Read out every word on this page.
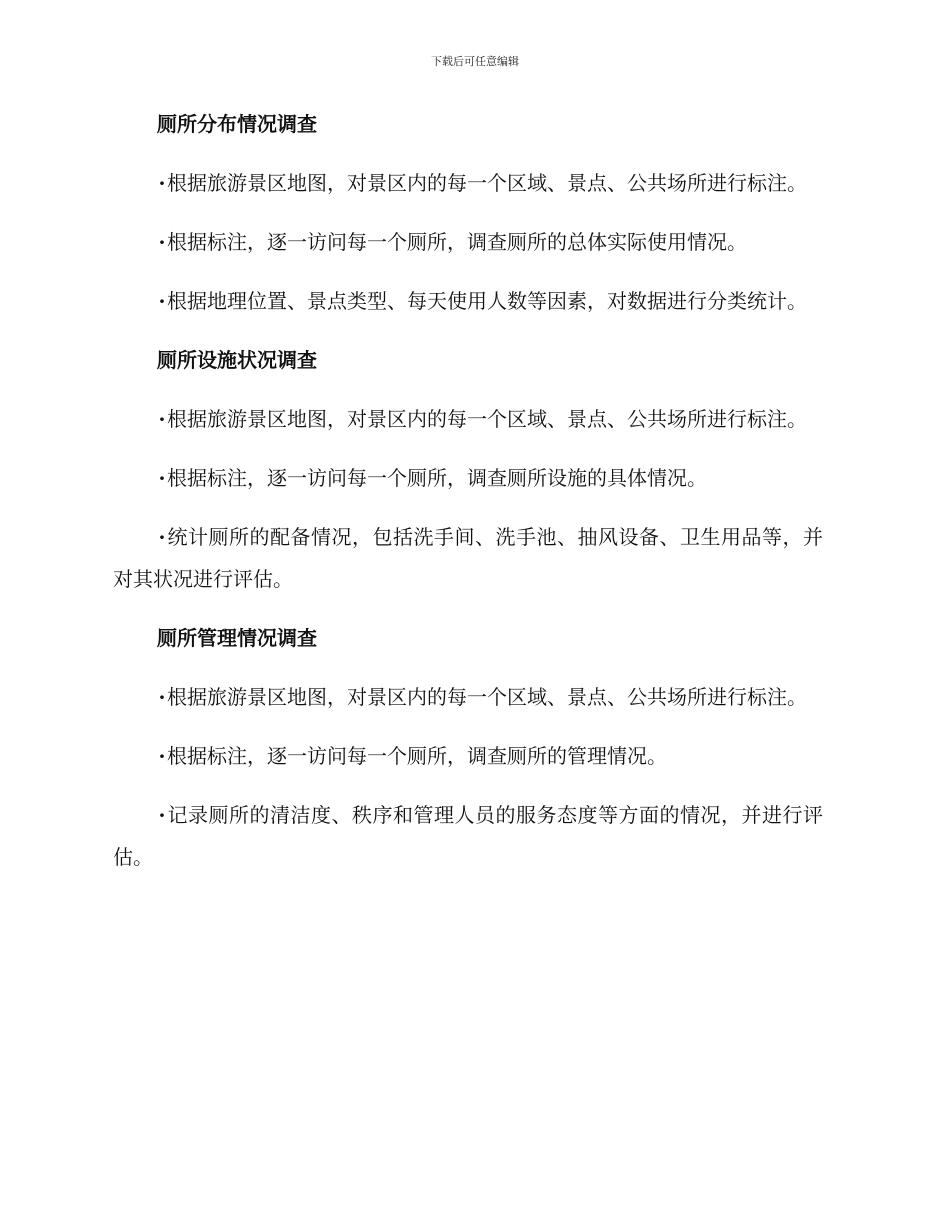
下载后可任意编辑
厕所分布情况调查

·根据旅游景区地图，对景区内的每一个区域、景点、公共场所进行标注。

·根据标注，逐一访问每一个厕所，调查厕所的总体实际使用情况。

·根据地理位置、景点类型、每天使用人数等因素，对数据进行分类统计。

厕所设施状况调查

·根据旅游景区地图，对景区内的每一个区域、景点、公共场所进行标注。

·根据标注，逐一访问每一个厕所，调查厕所设施的具体情况。

·统计厕所的配备情况，包括洗手间、洗手池、抽风设备、卫生用品等，并对其状况进行评估。

厕所管理情况调查

·根据旅游景区地图，对景区内的每一个区域、景点、公共场所进行标注。

·根据标注，逐一访问每一个厕所，调查厕所的管理情况。

·记录厕所的清洁度、秩序和管理人员的服务态度等方面的情况，并进行评估。
